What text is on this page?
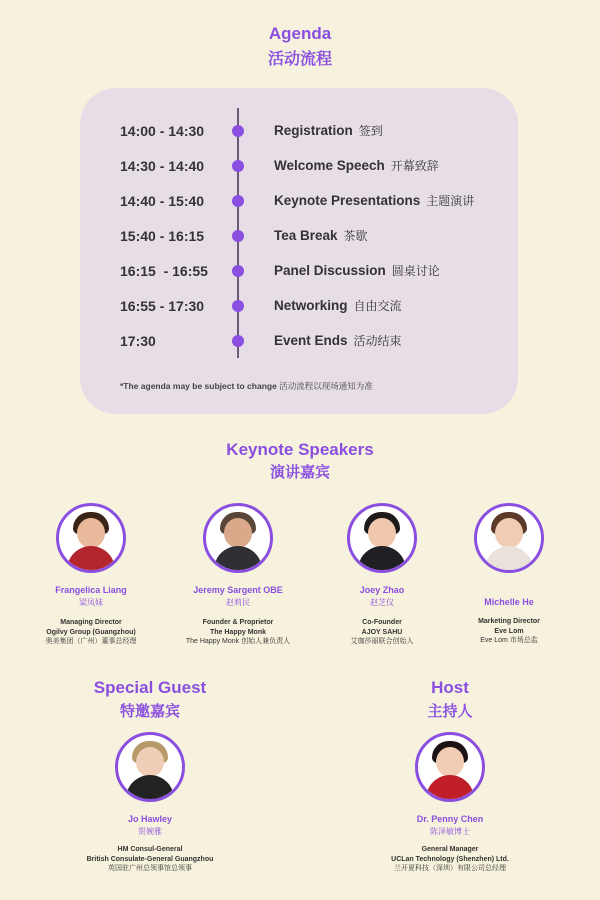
Agenda
活动流程
14:00 - 14:30	Registration 签到
14:30 - 14:40	Welcome Speech 开幕致辞
14:40 - 15:40	Keynote Presentations 主题演讲
15:40 - 16:15	Tea Break 茶歇
16:15  - 16:55	Panel Discussion 圆桌讨论
16:55 - 17:30	Networking 自由交流
17:30	Event Ends 活动结束
*The agenda may be subject to change 活动流程以现场通知为准
Keynote Speakers
演讲嘉宾
Frangelica Liang
梁凤妹
Managing Director
Ogilvy Group (Guangzhou)
奥美集团（广州）董事总经理
Jeremy Sargent OBE
赵莉民
Founder & Proprietor
The Happy Monk
The Happy Monk 创始人兼负责人
Joey Zhao
赵芝仪
Co-Founder
AJOY SAHU
艾珈莎丽联合创始人
Michelle He
Marketing Director
Eve Lom
Eve Lom 市场总监
Special Guest
特邀嘉宾
Jo Hawley
贺婉雅
HM Consul-General
British Consulate-General Guangzhou
英国驻广州总领事馆总领事
Host
主持人
Dr. Penny Chen
陈泽敏博士
General Manager
UCLan Technology (Shenzhen) Ltd.
兰开夏科技（深圳）有限公司总经理
